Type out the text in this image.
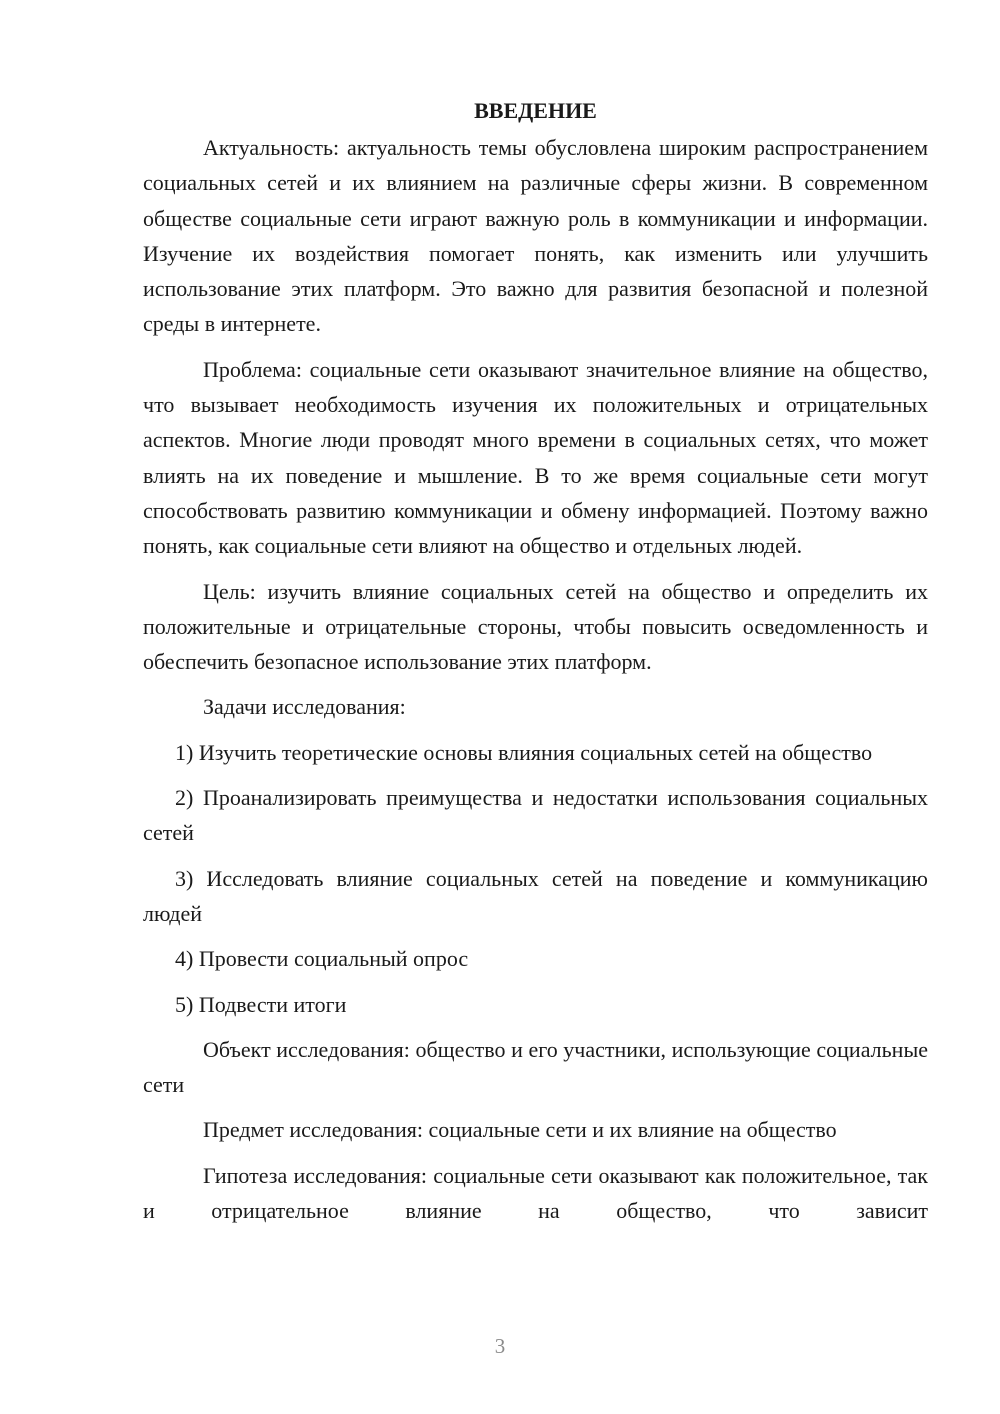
ВВЕДЕНИЕ

Актуальность: актуальность темы обусловлена широким распространением социальных сетей и их влиянием на различные сферы жизни. В современном обществе социальные сети играют важную роль в коммуникации и информации. Изучение их воздействия помогает понять, как изменить или улучшить использование этих платформ. Это важно для развития безопасной и полезной среды в интернете.

Проблема: социальные сети оказывают значительное влияние на общество, что вызывает необходимость изучения их положительных и отрицательных аспектов. Многие люди проводят много времени в социальных сетях, что может влиять на их поведение и мышление. В то же время социальные сети могут способствовать развитию коммуникации и обмену информацией. Поэтому важно понять, как социальные сети влияют на общество и отдельных людей.

Цель: изучить влияние социальных сетей на общество и определить их положительные и отрицательные стороны, чтобы повысить осведомленность и обеспечить безопасное использование этих платформ.

Задачи исследования:

1) Изучить теоретические основы влияния социальных сетей на общество

2) Проанализировать преимущества и недостатки использования социальных сетей

3) Исследовать влияние социальных сетей на поведение и коммуникацию людей

4) Провести социальный опрос

5) Подвести итоги

Объект исследования: общество и его участники, использующие социальные сети

Предмет исследования: социальные сети и их влияние на общество

Гипотеза исследования: социальные сети оказывают как положительное, так и отрицательное влияние на общество, что зависит

3
